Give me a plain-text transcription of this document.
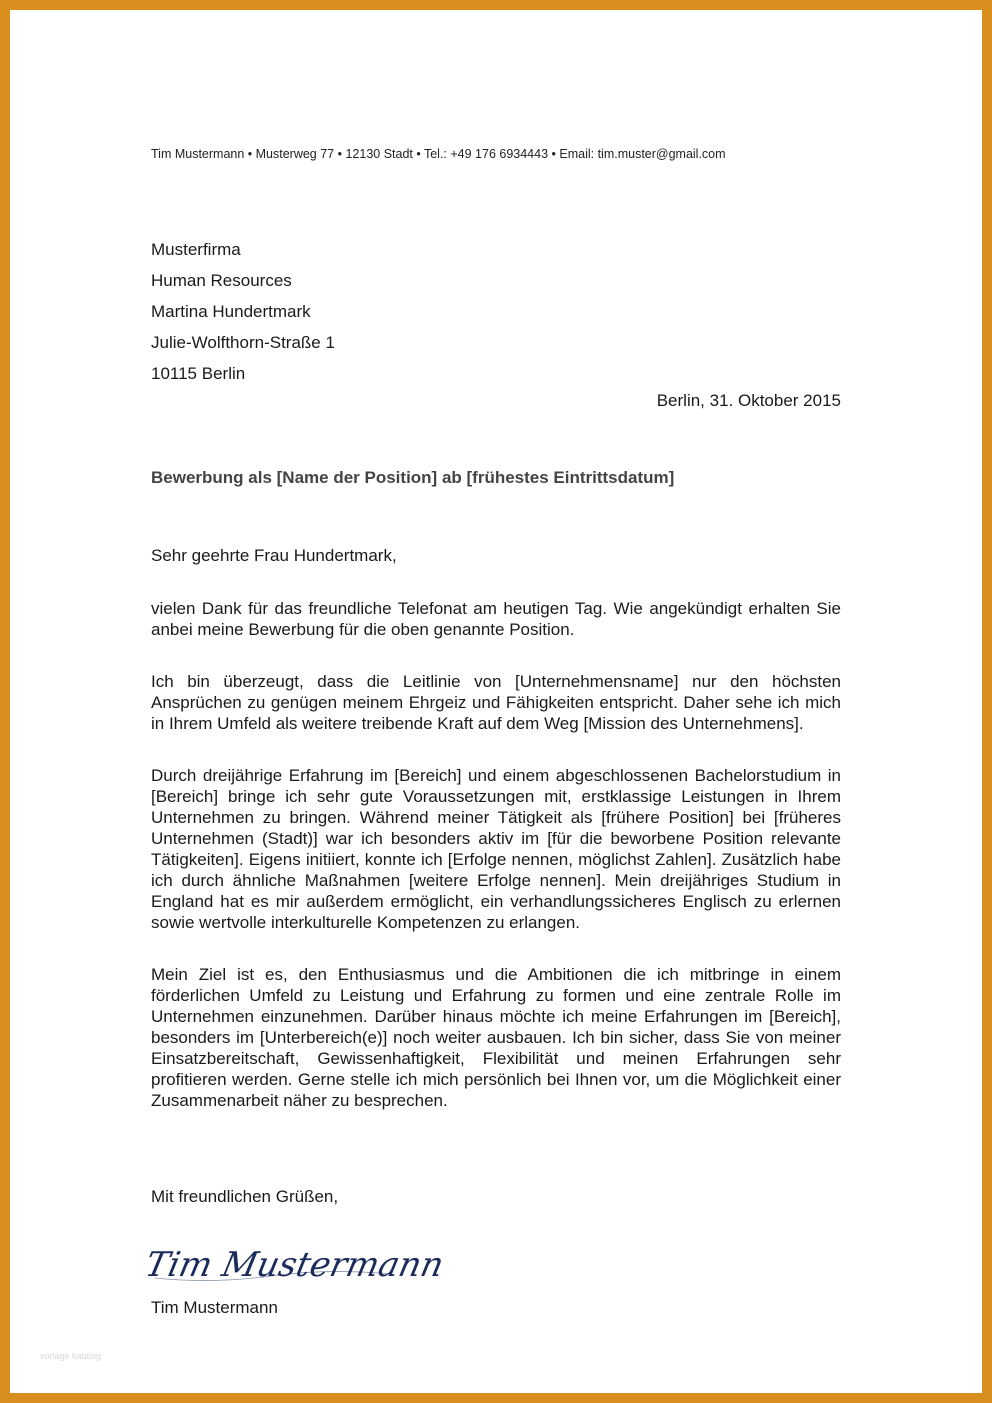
Tim Mustermann • Musterweg 77 • 12130 Stadt • Tel.: +49 176 6934443 • Email: tim.muster@gmail.com
Musterfirma
Human Resources
Martina Hundertmark
Julie-Wolfthorn-Straße 1
10115 Berlin
Berlin, 31. Oktober 2015
Bewerbung als [Name der Position] ab [frühestes Eintrittsdatum]
Sehr geehrte Frau Hundertmark,

vielen Dank für das freundliche Telefonat am heutigen Tag. Wie angekündigt erhalten Sie anbei meine Bewerbung für die oben genannte Position.

Ich bin überzeugt, dass die Leitlinie von [Unternehmensname] nur den höchsten Ansprüchen zu genügen meinem Ehrgeiz und Fähigkeiten entspricht. Daher sehe ich mich in Ihrem Umfeld als weitere treibende Kraft auf dem Weg [Mission des Unternehmens].

Durch dreijährige Erfahrung im [Bereich] und einem abgeschlossenen Bachelorstudium in [Bereich] bringe ich sehr gute Voraussetzungen mit, erstklassige Leistungen in Ihrem Unternehmen zu bringen. Während meiner Tätigkeit als [frühere Position] bei [früheres Unternehmen (Stadt)] war ich besonders aktiv im [für die beworbene Position relevante Tätigkeiten]. Eigens initiiert, konnte ich [Erfolge nennen, möglichst Zahlen]. Zusätzlich habe ich durch ähnliche Maßnahmen [weitere Erfolge nennen]. Mein dreijähriges Studium in England hat es mir außerdem ermöglicht, ein verhandlungssicheres Englisch zu erlernen sowie wertvolle interkulturelle Kompetenzen zu erlangen.

Mein Ziel ist es, den Enthusiasmus und die Ambitionen die ich mitbringe in einem förderlichen Umfeld zu Leistung und Erfahrung zu formen und eine zentrale Rolle im Unternehmen einzunehmen. Darüber hinaus möchte ich meine Erfahrungen im [Bereich], besonders im [Unterbereich(e)] noch weiter ausbauen. Ich bin sicher, dass Sie von meiner Einsatzbereitschaft, Gewissenhaftigkeit, Flexibilität und meinen Erfahrungen sehr profitieren werden. Gerne stelle ich mich persönlich bei Ihnen vor, um die Möglichkeit einer Zusammenarbeit näher zu besprechen.

Mit freundlichen Grüßen,
Tim Mustermann
Tim Mustermann
vorlage katalog
